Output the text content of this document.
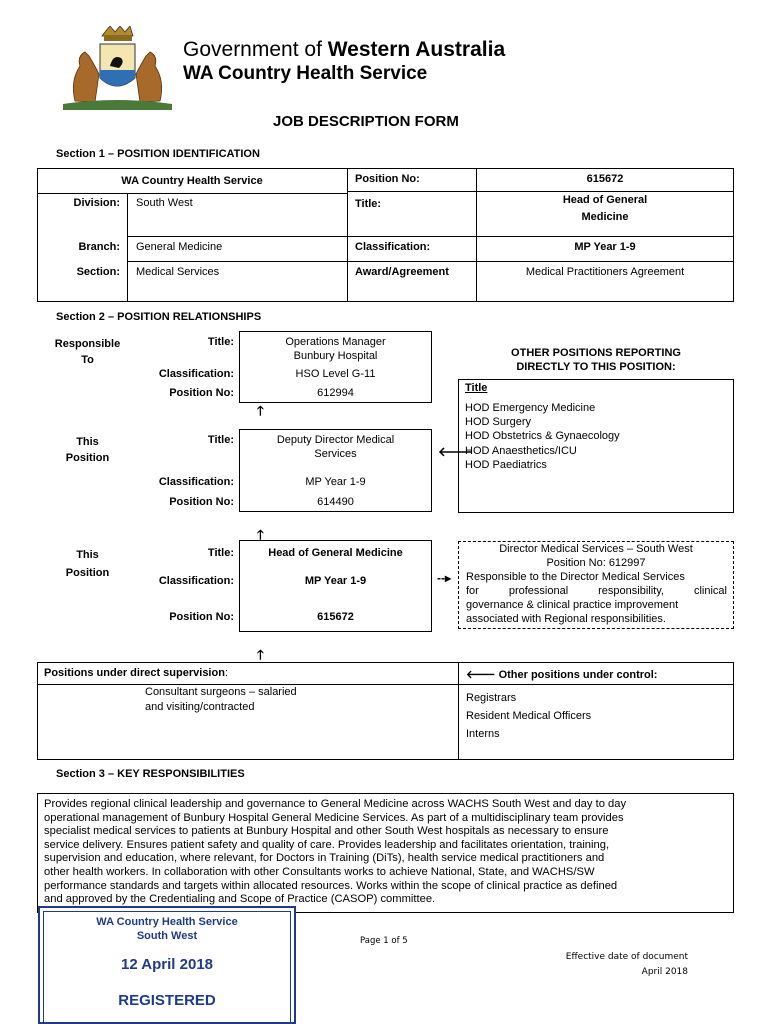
Government of Western Australia
WA Country Health Service
JOB DESCRIPTION FORM
Section 1 – POSITION IDENTIFICATION
WA Country Health Service	Position No:	615672
Division: South West	Title:	Head of General
Medicine
Branch: General Medicine	Classification:	MP Year 1-9
Section: Medical Services	Award/Agreement	Medical Practitioners Agreement
Section 2 – POSITION RELATIONSHIPS
Responsible
To
Title:	Operations Manager
Bunbury Hospital
Classification:	HSO Level G-11
Position No:	612994
🡑
This
Position
Title:	Deputy Director Medical
Services
Classification:	MP Year 1-9
Position No:	614490
🡐
OTHER POSITIONS REPORTING
DIRECTLY TO THIS POSITION:
Title
HOD Emergency Medicine
HOD Surgery
HOD Obstetrics & Gynaecology
HOD Anaesthetics/ICU
HOD Paediatrics
🡑
This
Position
Title:	Head of General Medicine
Classification:	MP Year 1-9
Position No:	615672
--▸
Director Medical Services – South West
Position No: 612997
Responsible to the Director Medical Services
for	professional	responsibility,	clinical
governance & clinical practice improvement
associated with Regional responsibilities.
🡑
Positions under direct supervision:
Consultant surgeons – salaried
and visiting/contracted
🡐 Other positions under control:
Registrars
Resident Medical Officers
Interns
Section 3 – KEY RESPONSIBILITIES
Provides regional clinical leadership and governance to General Medicine across WACHS South West and day to day
operational management of Bunbury Hospital General Medicine Services. As part of a multidisciplinary team provides
specialist medical services to patients at Bunbury Hospital and other South West hospitals as necessary to ensure
service delivery. Ensures patient safety and quality of care. Provides leadership and facilitates orientation, training,
supervision and education, where relevant, for Doctors in Training (DiTs), health service medical practitioners and
other health workers. In collaboration with other Consultants works to achieve National, State, and WACHS/SW
performance standards and targets within allocated resources. Works within the scope of clinical practice as defined
and approved by the Credentialing and Scope of Practice (CASOP) committee.
WA Country Health Service
South West
12 April 2018
REGISTERED
Page 1 of 5
Effective date of document
April 2018
